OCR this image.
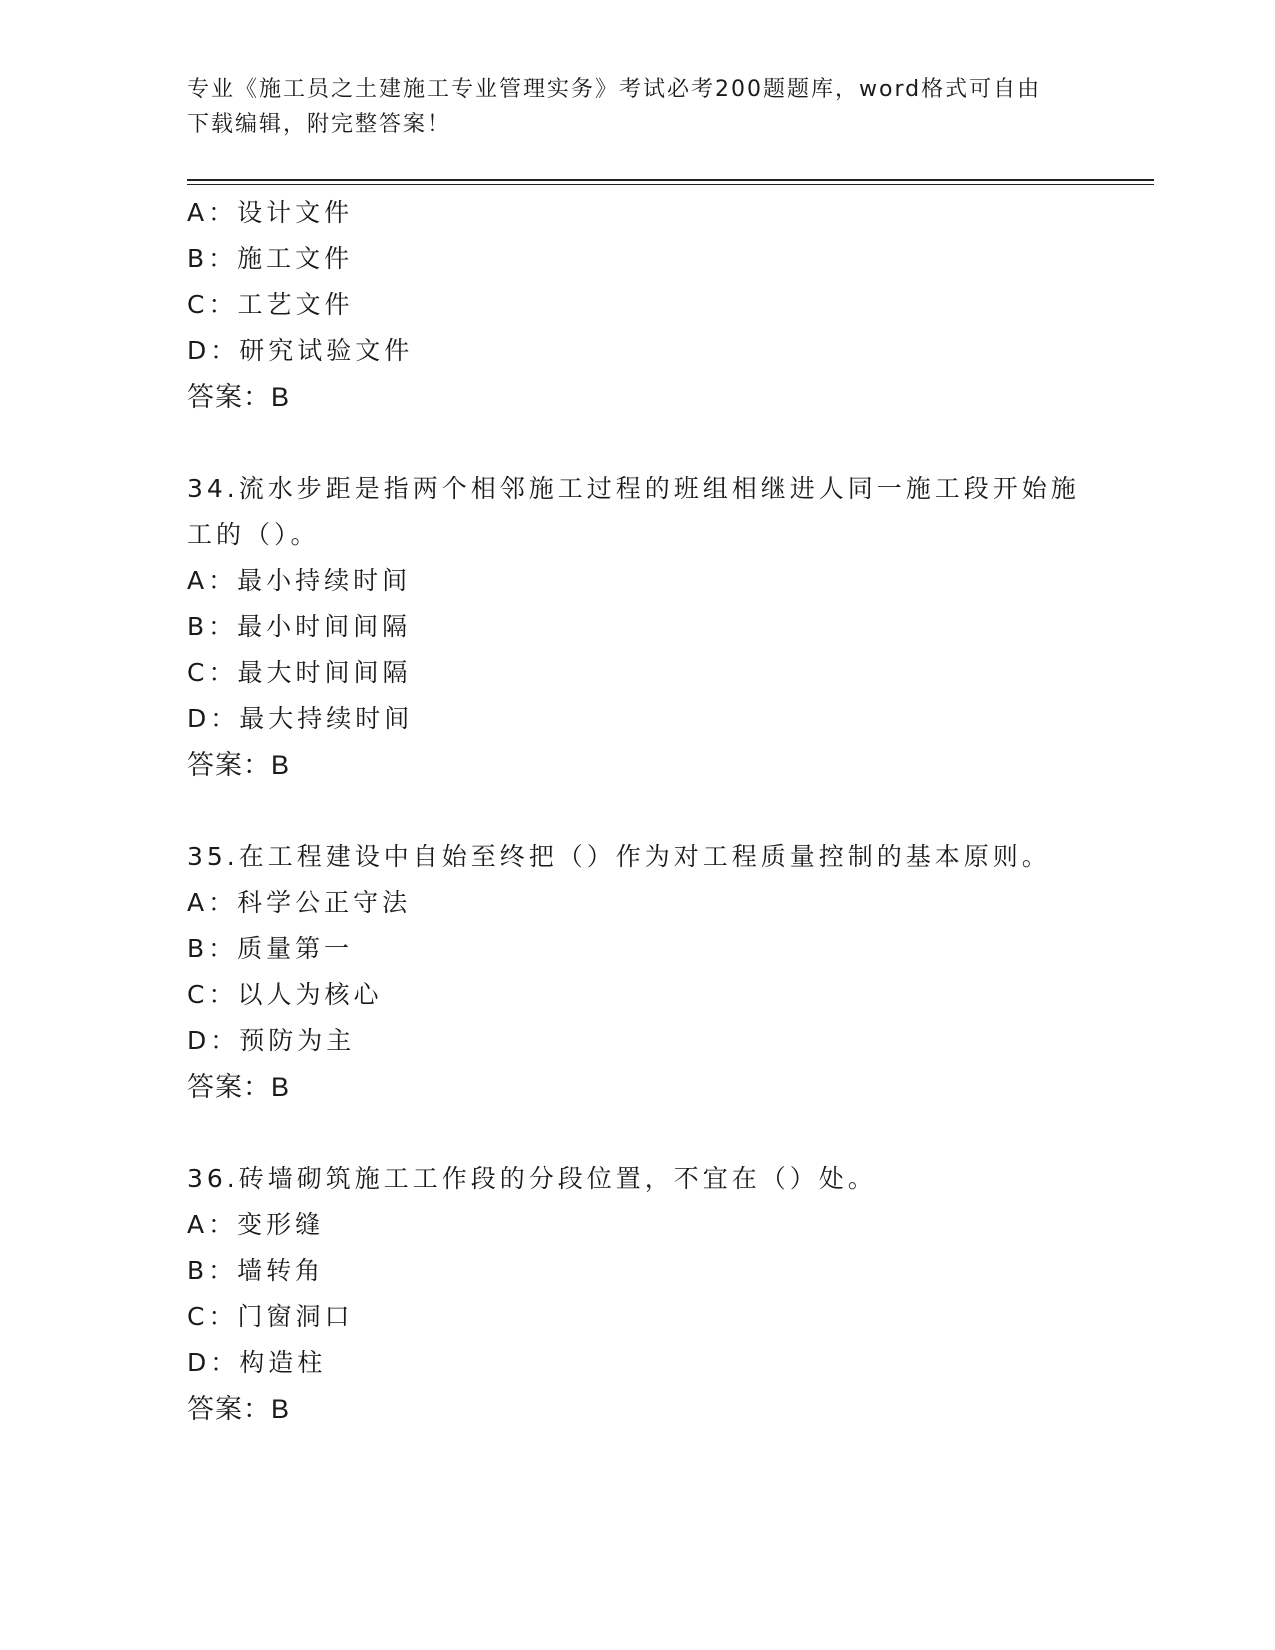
专业《施工员之土建施工专业管理实务》考试必考200题题库，word格式可自由
下载编辑，附完整答案！
A：设计文件
B：施工文件
C：工艺文件
D：研究试验文件
答案：B
34.流水步距是指两个相邻施工过程的班组相继进人同一施工段开始施
工的（）。
A：最小持续时间
B：最小时间间隔
C：最大时间间隔
D：最大持续时间
答案：B
35.在工程建设中自始至终把（）作为对工程质量控制的基本原则。
A：科学公正守法
B：质量第一
C：以人为核心
D：预防为主
答案：B
36.砖墙砌筑施工工作段的分段位置，不宜在（）处。
A：变形缝
B：墙转角
C：门窗洞口
D：构造柱
答案：B
